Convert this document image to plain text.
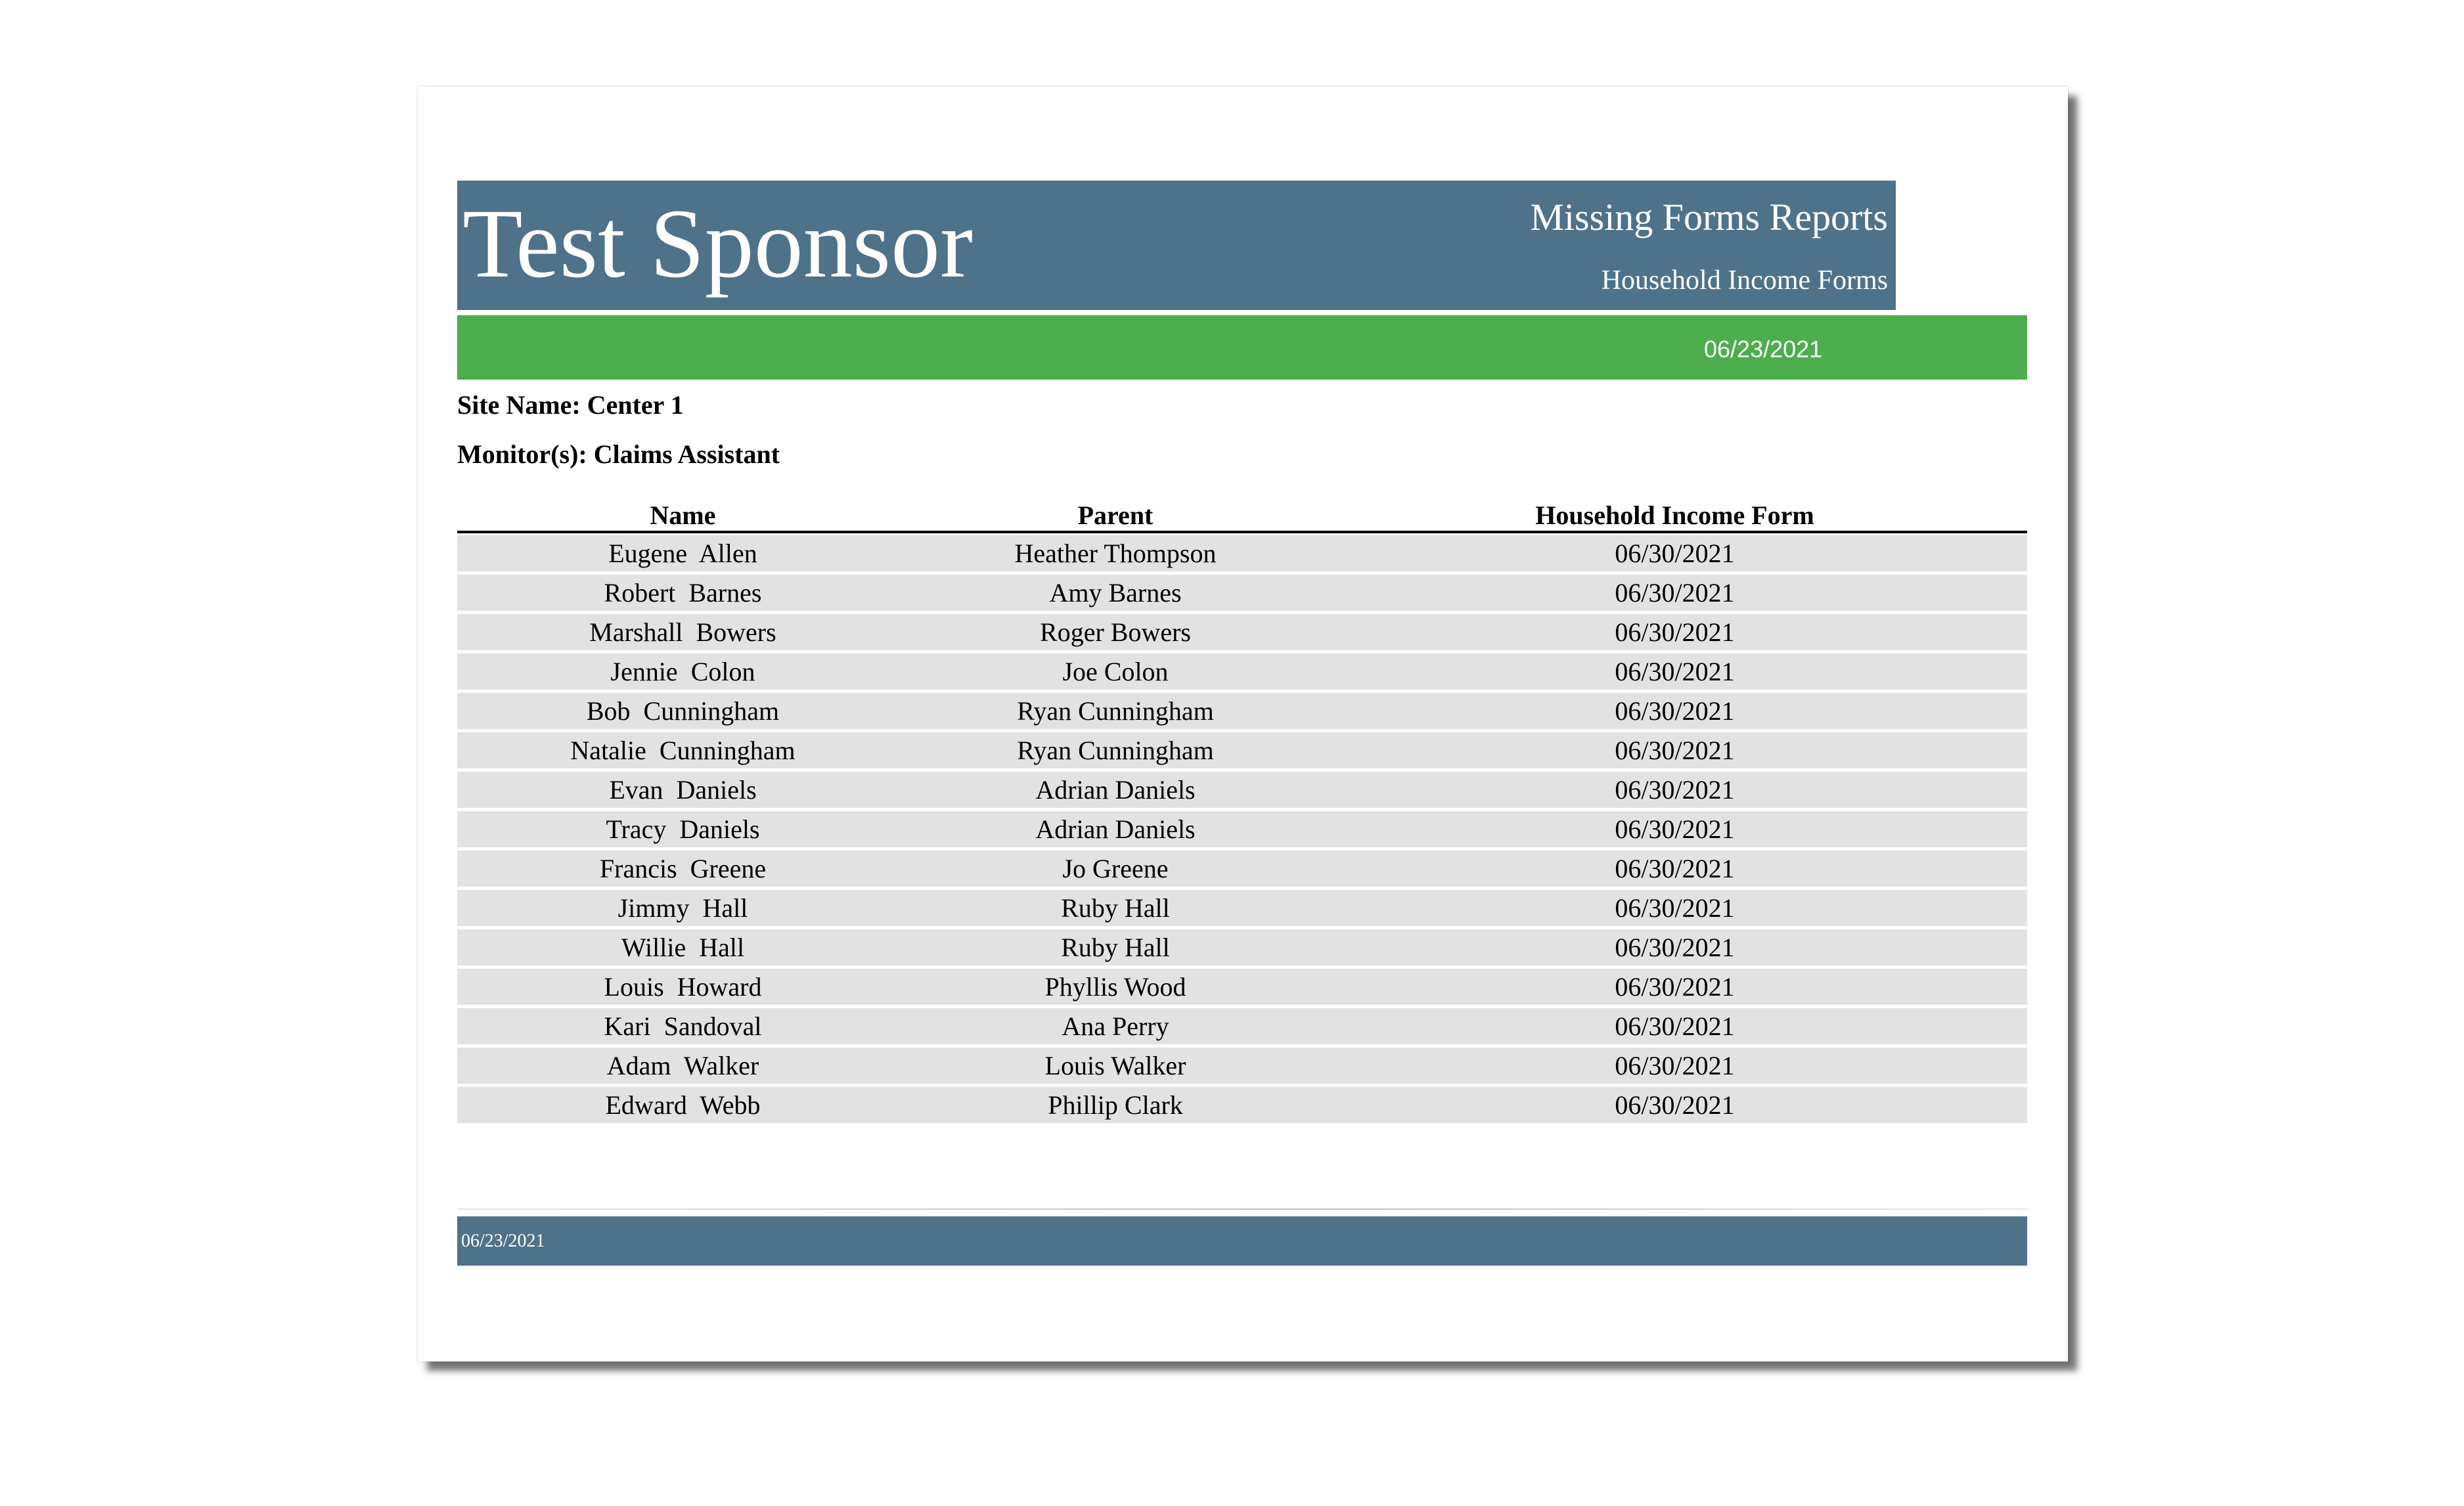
Test Sponsor	Missing Forms Reports
Household Income Forms
06/23/2021
Site Name: Center 1
Monitor(s): Claims Assistant
Name	Parent	Household Income Form
Eugene  Allen	Heather Thompson	06/30/2021
Robert  Barnes	Amy Barnes	06/30/2021
Marshall  Bowers	Roger Bowers	06/30/2021
Jennie  Colon	Joe Colon	06/30/2021
Bob  Cunningham	Ryan Cunningham	06/30/2021
Natalie  Cunningham	Ryan Cunningham	06/30/2021
Evan  Daniels	Adrian Daniels	06/30/2021
Tracy  Daniels	Adrian Daniels	06/30/2021
Francis  Greene	Jo Greene	06/30/2021
Jimmy  Hall	Ruby Hall	06/30/2021
Willie  Hall	Ruby Hall	06/30/2021
Louis  Howard	Phyllis Wood	06/30/2021
Kari  Sandoval	Ana Perry	06/30/2021
Adam  Walker	Louis Walker	06/30/2021
Edward  Webb	Phillip Clark	06/30/2021
06/23/2021
